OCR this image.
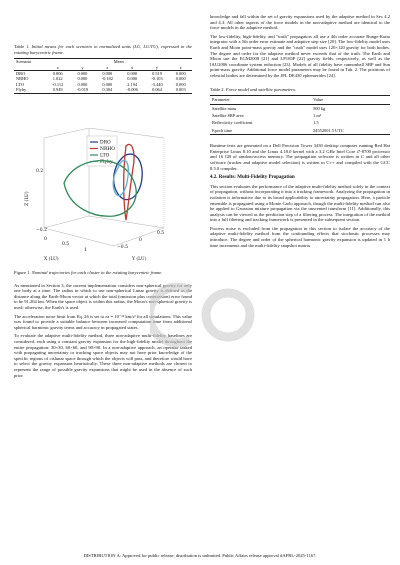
Table 1. Initial means for each scenario in normalized units (LU, LU/TU), expressed in the rotating barycentric frame.

Scenario	Mean					
	x	y	z	ẋ	ẏ	ż
DRO	0.806	0.000	0.000	0.000	0.519	0.000
NRHO	1.022	0.000	-0.182	0.000	-0.103	0.000
LTO	-0.112	0.000	0.000	2.194	-3.440	0.000
Flyby	0.949	-0.019	0.304	-0.006	0.064	0.003

DRO
NRHO
LTO
Flyby
0.2
−0.2
0
0.5
1
−0.5
0
0.5
X (LU)	Y (LU)
Z (LU)

Figure 1. Nominal trajectories for each cluster in the rotating barycentric frame.

As mentioned in Section 3, the current implementation considers non-spherical gravity for only one body at a time. The radius in which to use non-spherical Lunar gravity is defined as the distance along the Earth-Moon vector at which the total (omission plus commission) error found to be 91,264 km. When the space object is within this radius, the Moon's non-spherical gravity is used; otherwise, the Earth's is used.

The acceleration noise limit from Eq. 26 is set to εa = 10⁻¹³ km/s² for all simulations. This value was found to provide a suitable balance between increased computation time from additional spherical harmonic gravity terms and accuracy in propagated states.

To evaluate the adaptive multi-fidelity method, three non-adaptive multi-fidelity baselines are considered, each using a constant gravity expansion for the high-fidelity model throughout the entire propagation: 30×30, 60×60, and 90×90. In a non-adaptive approach, an operator tasked with propagating uncertainty or tracking space objects may not have prior knowledge of the specific regions of cislunar space through which the objects will pass, and therefore would have to select the gravity expansion heuristically. These three non-adaptive methods are chosen to represent the range of possible gravity expansions that might be used in the absence of such prior

knowledge and fall within the set of gravity expansions used by the adaptive method in Sec 4.2 and 4.3. All other aspects of the force models in the non-adaptive method are identical to the force models in the adaptive method.

The low-fidelity, high-fidelity, and "truth" propagators all use a 4th order accurate Runge-Kutta integrator with a 5th order error estimate and adaptive step size [20]. The low-fidelity model uses Earth and Moon point-mass gravity and the "truth" model uses 120×120 gravity for both bodies. The degree and order for the adaptive method never exceeds that of the truth. The Earth and Moon use the EGM2008 [21] and LP165P [22] gravity fields, respectively, as well as the IAU2006 coordinate system reduction [23]. Models of all fidelity have cannonball SRP and Sun point-mass gravity. Additional force model parameters may be found in Tab. 2. The positions of celestial bodies are determined by the JPL DE430 ephemerides [24].

Table 2. Force model and satellite parameters.

Parameter	Value
Satellite mass	500 kg
Satellite SRP area	1 m²
Reflectivity coefficient	1.5
Epoch time	24552001.5 UTC

Runtime tests are generated on a Dell Precision Tower 3430 desktop computer running Red Hat Enterprise Linux 8.10 and the Linux 4.18.0 kernel with a 3.2 GHz Intel Core i7-8700 processor and 16 GB of random-access memory. The propagation software is written in C and all other software (tracker and adaptive model selection) is written in C++ and compiled with the GCC 8.5.0 compiler.

4.2. Results: Multi-Fidelity Propagation

This section evaluates the performance of the adaptive multi-fidelity method solely in the context of propagation, without incorporating it into a tracking framework. Analyzing the propagation in isolation is informative due to its broad applicability to uncertainty propagation. Here, a particle ensemble is propagated using a Monte Carlo approach, though the multi-fidelity method can also be applied to Gaussian mixture propagation via the unscented transform [11]. Additionally, this analysis can be viewed as the prediction step of a filtering process. The integration of the method into a full filtering and tracking framework is presented in the subsequent section.

Process noise is excluded from the propagation in this section to isolate the accuracy of the adaptive multi-fidelity method from the confounding effects that stochastic processes may introduce. The degree and order of the spherical harmonic gravity expansion is updated in 1 h time increments and the multi-fidelity snapshot matrix

DISTRIBUTION A: Approved for public release; distribution is unlimited. Public Affairs release approval #AFRL-2025-1167.
